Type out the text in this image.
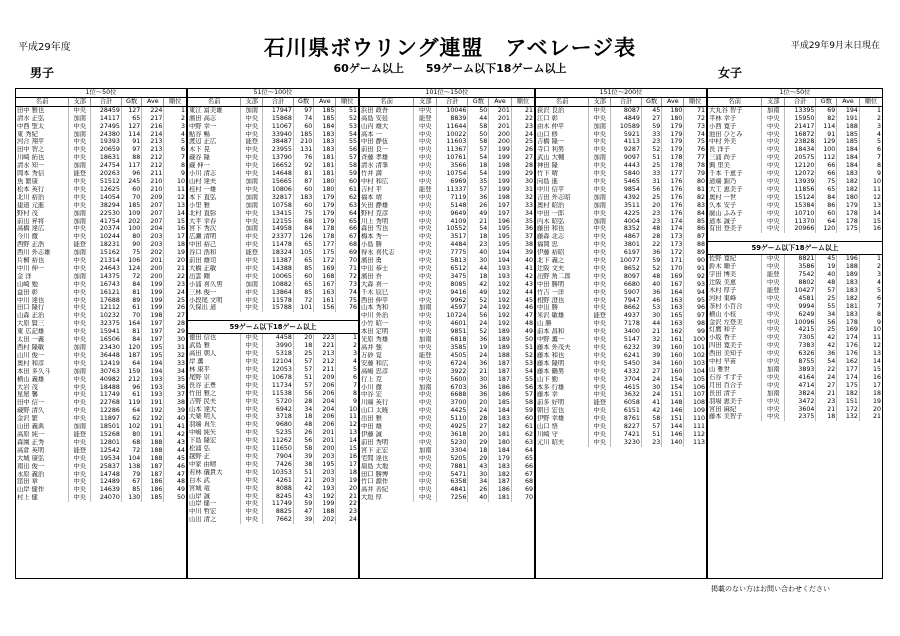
平成29年度	石川県ボウリング連盟　アベレージ表	平成29年9月末日現在
60ゲーム以上　　59ゲーム以下18ゲーム以上
男子	女子
1位〜50位					
名前	支部	合計	G数	Ave	順位
田中 雅也	中央	28459	127	224	1
清水 正弘	加南	14117	65	217	2
中西 聖太	中央	27495	127	216	3
東 秀紀	加南	24380	114	214	4
河合 翔平	中央	19393	91	213	5
田中 智之	中央	20659	97	213	6
川崎 拓也	中央	18631	88	212	7
清水 知一	加南	24754	117	212	8
岡本 秀信	能登	20263	96	211	9
魚 繁康	中央	51512	245	210	10
松本 英行	中央	12625	60	210	11
北川 裕治	中央	14054	70	209	12
建道 元進	中央	38294	185	207	13
野村 茂	加南	22530	109	207	14
前出 昇将	加南	41754	202	207	15
高橋 達広	中央	20374	100	204	16
今川 徹	中央	10244	80	203	17
西野 正浩	能登	18231	90	203	18
西川 外志雄	加南	15162	75	202	19
片桐 裕也	中央	21314	106	201	20
中川 伸一	中央	24643	124	200	21
金 洋	加南	14375	72	200	22
山崎 勉	中央	16743	84	199	23
益田 彰	中央	16121	81	199	24
中川 達也	中央	17688	89	199	25
田口 隆行	中央	12112	61	199	26
山森 正治	中央	10232	70	198	27
大原 賢三	中央	32375	164	197	28
東 広記雄	中央	15941	81	197	29
太田 一義	中央	16506	84	197	30
西村 隆敏	加南	23430	120	195	31
山川 俊一	中央	36448	187	195	32
奥村 和彦	中央	12419	64	194	33
本田 多久斗	加南	30763	159	194	34
横山 義雄	中央	40982	212	193	35
大岩 茂	中央	18488	96	193	36
星屋 馨	中央	11749	61	193	37
田中 信一	中央	22768	119	191	38
蔵野 清久	中央	12286	64	192	39
金沢 繁	中央	11897	62	192	40
山田 義典	加南	18501	102	191	41
高原 純一	能登	15268	80	191	42
森園 正秀	中央	12801	68	188	43
高倉 英明	能登	12542	72	188	44
大城 康弘	中央	19534	104	188	45
南出 俊一	中央	25837	138	187	46
永原 義治	中央	14748	79	187	47
窪田 章	中央	12489	67	186	48
山岸 健作	中央	14639	85	186	49
村上 健	中央	24070	130	185	50
51位〜100位					
名前	支部	合計	G数	Ave	順位
東江 富美雄	加南	17947	97	185	51
濱田 高志	中央	15868	74	185	52
中野 幸一	中央	11067	60	184	53
鮎谷 暢	中央	33940	185	183	54
渡辺 正広	能登	38487	210	183	55
木下 晃	中央	23955	131	183	56
蔵谷 隆	中央	13790	76	181	57
蔵 伸一	中央	16652	92	181	58
小川 清志	中央	14648	81	181	59
山村 達夫	加南	15665	87	180	60
桂村 一雄	中央	10806	60	180	61
本下 直弘	加南	32817	183	179	62
小里 雅	加南	10758	60	179	63
北村 直弥	中央	13415	75	179	64
大平 幸春	中央	12155	68	179	65
宮下 秀次	加南	14958	84	178	66
広瀬 清明	中央	23377	126	178	67
中田 裕己	中央	11478	65	177	68
谷口 浩和	能登	18324	105	175	69
前田 雄司	中央	11387	65	172	70
大橋 正敏	中央	14388	85	169	71
出雲 剛	中央	10065	60	168	72
小浦 喜久男	加南	10882	65	167	73
三林 俊一	中央	13864	85	163	74
小段尾 文明	中央	11578	72	161	75
久保出 道	中央	15788	101	156	76
59ゲーム以下18ゲーム以上
徳田 信也	中央	4458	20	223	1
武島 雅	中央	3990	18	221	2
高田 朝人	中央	5318	25	213	3
岸 薫	中央	12104	57	212	4
林 康平	中央	12053	57	211	5
尾野 崇	中央	10678	51	209	6
長谷 正豊	中央	11734	57	206	7
竹田 雅之	中央	11538	56	206	8
吉野 民夫	中央	5720	28	204	9
山本 達大	中央	6942	34	204	10
大楽 明人	中央	3718	18	206	11
羽端 真生	中央	9680	48	206	12
中嶋 純矢	中央	5235	26	201	13
下島 隆宏	中央	11262	56	201	14
松浦 弘	中央	11650	58	200	15
越野 正	中央	7904	39	203	16
中家 由晴	中央	7426	38	195	17
若林 儀貴大	中央	10353	51	203	18
白木 武	中央	4261	21	203	19
宮城 竜	中央	8088	42	193	20
山岸 誠	中央	8245	43	192	21
山岸 健一	中央	11749	59	199	22
中川 哲宏	中央	8825	47	188	23
山出 清之	中央	7662	39	202	24
101位〜150位					
名前	支部	合計	G数	Ave	順位
浜田 政吾	中央	10046	50	201	21
高島 安延	能登	8839	44	201	22
山内 雄大	中央	11644	58	201	23
高本 一	中央	10022	50	200	24
中田 静伍	中央	11603	58	200	25
前田 良一	中央	11367	57	199	26
斉藤 孝雄	中央	10761	54	199	27
清水 清峯	中央	3566	18	198	28
竹井 満	中央	10754	54	199	29
中村 和広	中央	6969	35	199	30
吉村 平	能登	11337	57	199	31
福本 靖	中央	7119	36	198	32
矢田 静雄	中央	5148	26	197	33
野村 克彦	中央	9649	49	197	34
川上 秀明	中央	4109	21	196	35
森田 雪也	中央	10552	54	195	36
梅本 秀一	中央	3517	18	195	37
小島 勝	中央	4484	23	195	38
得永 喜代志	中央	7775	40	194	39
濱田 勇	中央	5813	30	194	40
中出 恭士	中央	6512	44	193	41
濱田 吾	中央	3475	18	193	42
大森 喜一	中央	8085	42	192	43
千木 辰巳	中央	9416	49	192	44
西田 伸平	中央	9962	52	192	45
山本 秀和	加南	4597	24	192	46
中川 外治	中央	10724	56	192	47
小竹 昭一	中央	4601	24	192	48
本田 定明	中央	9851	52	189	49
光原 秀雄	加南	6818	36	189	50
高井 強	中央	3585	19	189	51
万砂 覚	能登	4505	24	188	52
安藤 和広	中央	6724	36	187	53
高嶋 忠彦	中央	3922	21	187	54
行上 克	中央	5600	30	187	55
小川 徹	加南	6703	36	186	56
中谷 宏	中央	6688	36	186	57
川端 英行	中央	3700	20	185	58
山口 太暁	中央	4425	24	184	59
出田 雅	中央	5110	28	183	60
中田 雄	中央	4925	27	182	61
伊藤 誠	中央	3618	20	181	62
前田 秀明	中央	5230	29	180	63
宮下 正宏	加南	3304	18	184	64
宅間 達也	中央	5205	29	179	65
扇島 大地	中央	7881	43	183	66
田口 勝博	中央	5471	30	182	67
竹口 源作	中央	6358	34	187	68
高井 善紀	中央	4841	26	186	69
大垣 厚	中央	7256	40	181	70
151位〜200位					
名前	支部	合計	G数	Ave	順位
荻沢 良治	中央	8087	45	180	71
江口 彰	中央	4849	27	180	72
由木 仲平	加南	10589	59	179	73
山口 修	中央	5921	33	179	74
吉橋 隆一	中央	4113	23	179	75
寺口 利男	中央	9287	52	179	76
武山 大輔	加南	9097	51	178	77
神田 隆	中央	4443	25	178	78
竹下 晴	中央	5840	33	177	79
向島 進	中央	5465	31	176	80
中川 信平	中央	9854	56	176	81
吉田 外志昭	加南	4392	25	176	82
奥村 昭治	加南	3511	20	176	83
中田 一郎	中央	4225	23	176	84
内木 昭弘	加南	4004	23	174	85
藤田 和也	中央	8352	48	174	86
藤森 北志	中央	4867	28	173	87
福岡 忠	中央	3801	22	173	88
伊藤 裕昭	中央	6197	36	172	89
北下 義之	中央	10077	59	171	90
辻阪 文夫	中央	8652	52	170	91
出野 角二郎	中央	8097	48	169	92
中田 勝明	中央	6680	40	167	93
竹吉 一洋	中央	5907	36	164	94
相野 澄也	中央	7947	46	163	95
中出 勝	中央	8662	53	163	96
米沢 敏雄	能登	4937	30	165	97
山 勝	中央	7178	44	163	98
前本 昌和	中央	3400	21	162	99
中野 薫一	中央	5147	32	161	100
藤本 外茂夫	中央	6232	39	160	101
藤本 和也	中央	6241	39	160	102
藤本 隆明	中央	5450	34	160	103
藤本 鶴男	中央	4332	27	160	104
山下 勤	中央	3704	24	154	105
本多 行雄	中央	4615	30	154	106
藤本 幸	中央	3632	24	151	107
前多 好明	能登	6058	41	148	108
朝日 宏也	中央	6151	42	146	109
伊野 幸雄	中央	8761	58	151	110
山口 悟	中央	8227	57	144	111
川崎 守	中央	7421	51	146	112
元川 昭夫	中央	3230	23	140	113
1位〜50位					
名前	支部	合計	G数	Ave	順位
大丸谷 智子	加南	13395	69	194	1
平林 幸子	中央	15950	82	191	2
小西 寛子	中央	21417	114	188	3
池田 ひとみ	中央	16872	91	185	4
中村 外美	中央	23828	129	185	5
長 洋子	中央	18434	100	184	6
三浦 尚子	中央	20575	112	184	7
興 里美	中央	12120	66	184	8
千本 千恵子	中央	12072	66	183	9
道端 錦乃	中央	13939	75	182	10
大工 恵美子	中央	11856	65	182	11
奥村 一世	中央	15124	84	180	12
久本 安子	中央	15384	86	179	13
廣山 ふみ子	中央	10710	60	178	14
道本 誠子	中央	11370	64	178	15
有田 登美子	中央	20966	120	175	16
59ゲーム以下18ゲーム以上
佐野 寛紀	中央	8821	45	196	1
鈴木 順子	中央	3586	19	188	2
宇田 博美	能登	7542	40	189	3
辻阪 美恵	中央	8802	48	183	4
木村 厚子	能登	10427	57	183	5
河村 東峰	中央	4581	25	182	6
茶村 小百合	中央	9994	55	181	7
横山 小枝	中央	6249	34	183	8
金沢 左登美	中央	10096	56	178	9
灯鷹 和子	中央	4215	25	169	10
小坂 香子	中央	7305	42	174	11
四田 寛美子	中央	7383	42	176	12
西田 美知子	中央	6326	36	176	13
中村 早苗	中央	8755	54	162	14
山 雅世	加南	3893	22	177	15
石谷 すず子	中央	4164	24	174	16
月田 百合子	中央	4714	27	175	17
長田 清子	加南	3824	21	182	18
羽場 恵美子	中央	3472	23	151	19
宮田 麻紀	中央	3604	21	172	20
藤本 美智子	中央	2375	18	132	21
掲載のない方はお問い合わせください
